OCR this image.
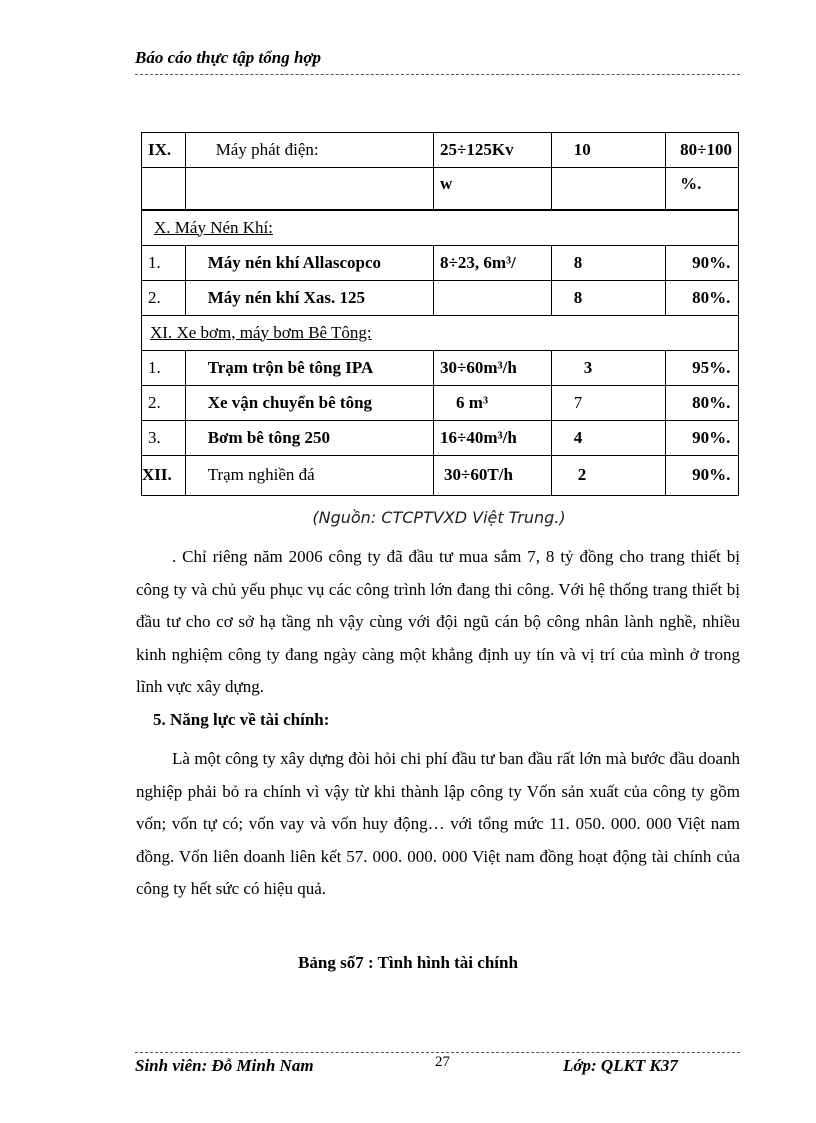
Báo cáo thực tập tổng hợp
IX.	Máy phát điện:	25÷125Kv	10	80÷100
		w		%.
X. Máy Nén Khí:				
1.	Máy nén khí Allascopco	8÷23, 6m³/	8	90%.
2.	Máy nén khí Xas. 125		8	80%.
XI. Xe bơm, máy bơm Bê Tông:				
1.	Trạm trộn bê tông IPA	30÷60m³/h	3	95%.
2.	Xe vận chuyển bê tông	6 m³	7	80%.
3.	Bơm bê tông 250	16÷40m³/h	4	90%.
XII.	Trạm nghiền đá	30÷60T/h	2	90%.
(Nguồn: CTCPTVXD Việt Trung.)

. Chỉ riêng năm 2006 công ty đã đầu tư mua sắm 7, 8 tỷ đồng cho trang thiết bị công ty và chủ yếu phục vụ các công trình lớn đang thi công. Với hệ thống trang thiết bị đầu tư cho cơ sở hạ tầng nh vậy cùng với đội ngũ cán bộ công nhân lành nghề, nhiều kinh nghiệm công ty đang ngày càng một khẳng định uy tín và vị trí của mình ở trong lĩnh vực xây dựng.

5. Năng lực về tài chính:

Là một công ty xây dựng đòi hỏi chi phí đầu tư ban đầu rất lớn mà bước đầu doanh nghiệp phải bỏ ra chính vì vậy từ khi thành lập công ty Vốn sản xuất của công ty gồm vốn; vốn tự có; vốn vay và vốn huy động… với tổng mức 11. 050. 000. 000 Việt nam đồng. Vốn liên doanh liên kết 57. 000. 000. 000 Việt nam đồng hoạt động tài chính của công ty hết sức có hiệu quả.

Bảng số7 : Tình hình tài chính
Sinh viên: Đỗ Minh Nam	27	Lớp: QLKT K37
